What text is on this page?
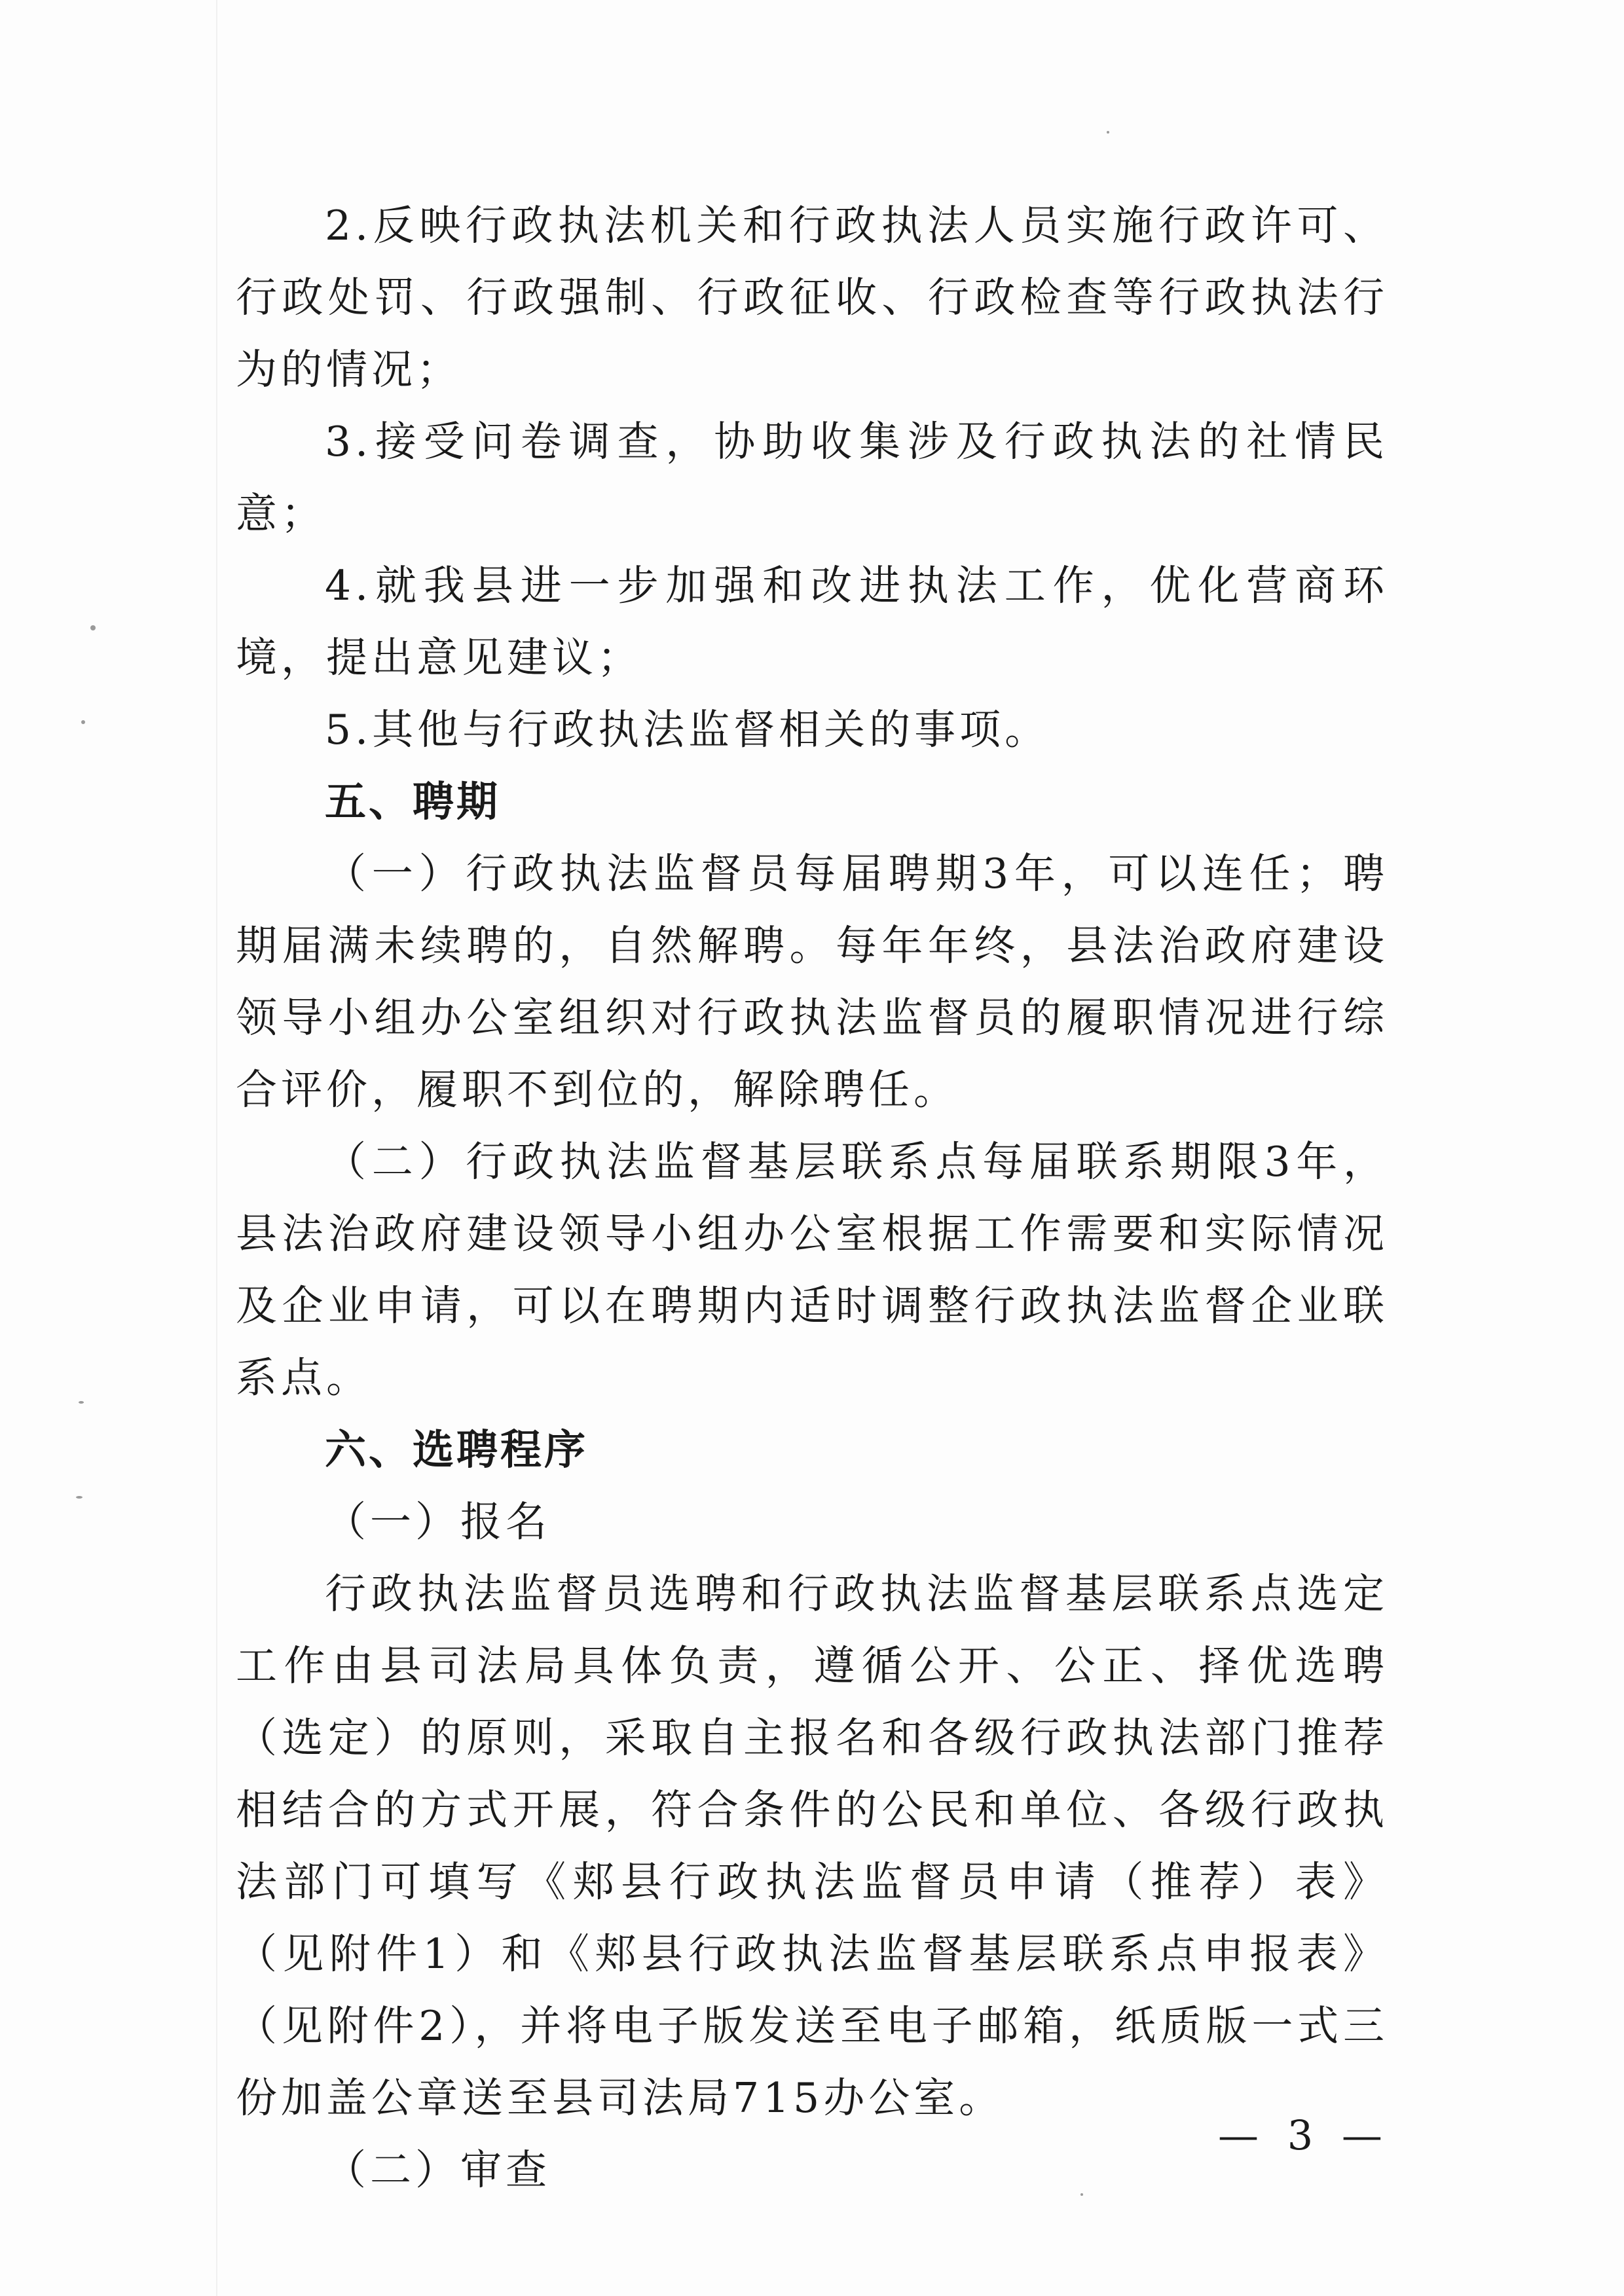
2.反映行政执法机关和行政执法人员实施行政许可、行政处罚、行政强制、行政征收、行政检查等行政执法行为的情况；

3.接受问卷调查，协助收集涉及行政执法的社情民意；

4.就我县进一步加强和改进执法工作，优化营商环境，提出意见建议；

5.其他与行政执法监督相关的事项。

五、聘期

（一）行政执法监督员每届聘期3年，可以连任；聘期届满未续聘的，自然解聘。每年年终，县法治政府建设领导小组办公室组织对行政执法监督员的履职情况进行综合评价，履职不到位的，解除聘任。

（二）行政执法监督基层联系点每届联系期限3年，县法治政府建设领导小组办公室根据工作需要和实际情况及企业申请，可以在聘期内适时调整行政执法监督企业联系点。

六、选聘程序

（一）报名

行政执法监督员选聘和行政执法监督基层联系点选定工作由县司法局具体负责，遵循公开、公正、择优选聘（选定）的原则，采取自主报名和各级行政执法部门推荐相结合的方式开展，符合条件的公民和单位、各级行政执法部门可填写《郏县行政执法监督员申请（推荐）表》（见附件1）和《郏县行政执法监督基层联系点申报表》（见附件2），并将电子版发送至电子邮箱，纸质版一式三份加盖公章送至县司法局715办公室。

（二）审查

— 3 —
